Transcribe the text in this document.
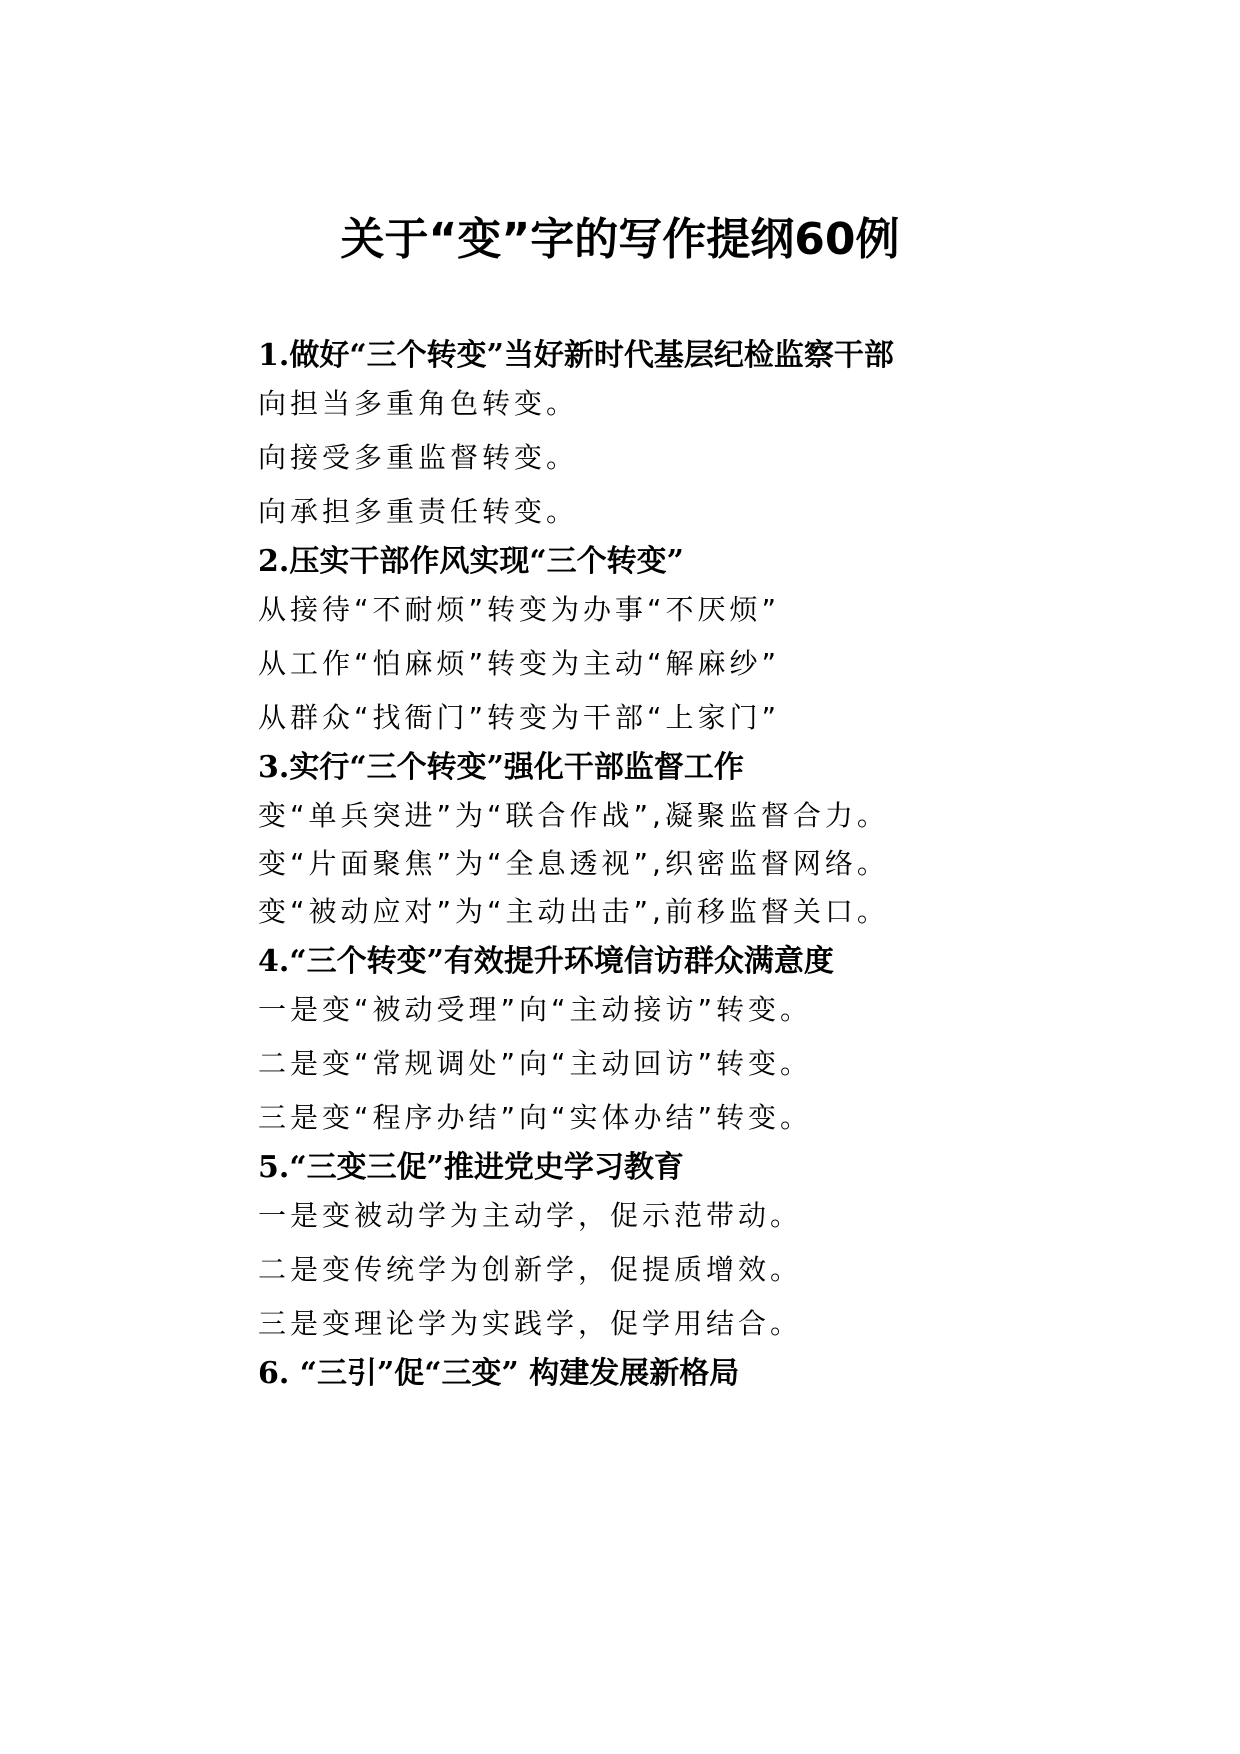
关于“变”字的写作提纲60例
1.做好“三个转变”当好新时代基层纪检监察干部
向担当多重角色转变。
向接受多重监督转变。
向承担多重责任转变。
2.压实干部作风实现“三个转变”
从接待“不耐烦”转变为办事“不厌烦”
从工作“怕麻烦”转变为主动“解麻纱”
从群众“找衙门”转变为干部“上家门”
3.实行“三个转变”强化干部监督工作
变“单兵突进”为“联合作战”,凝聚监督合力。
变“片面聚焦”为“全息透视”,织密监督网络。
变“被动应对”为“主动出击”,前移监督关口。
4.“三个转变”有效提升环境信访群众满意度
一是变“被动受理”向“主动接访”转变。
二是变“常规调处”向“主动回访”转变。
三是变“程序办结”向“实体办结”转变。
5.“三变三促”推进党史学习教育
一是变被动学为主动学，促示范带动。
二是变传统学为创新学，促提质增效。
三是变理论学为实践学，促学用结合。
6. “三引”促“三变” 构建发展新格局
